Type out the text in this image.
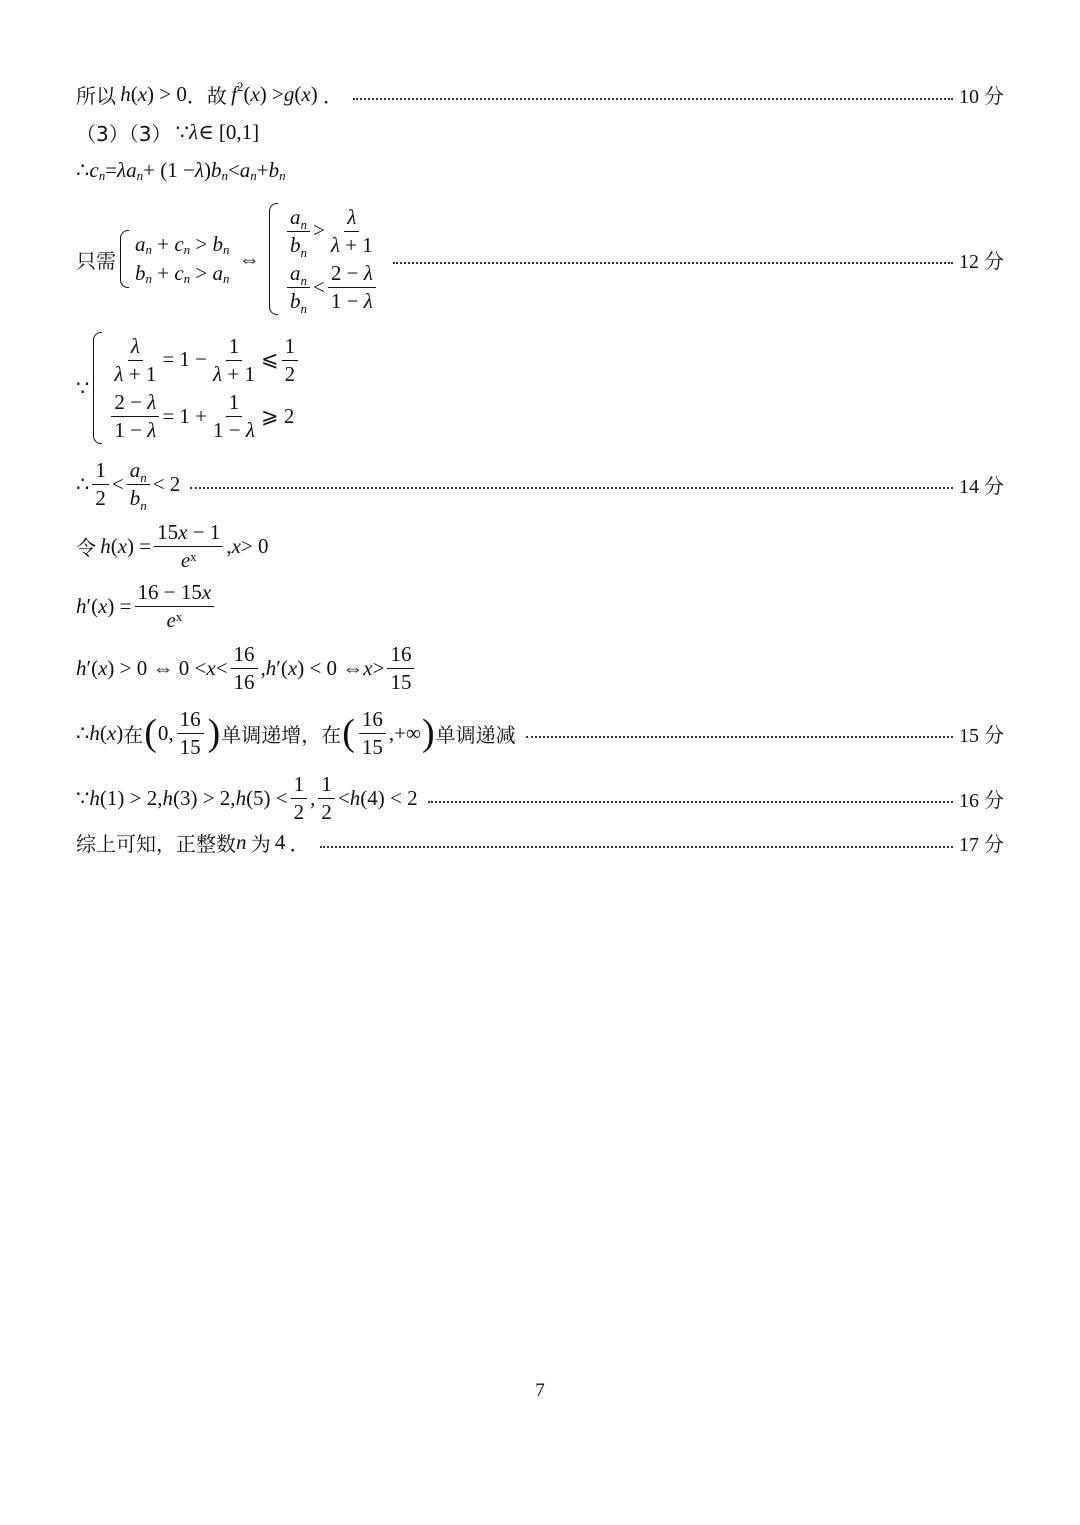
所以
  h ( x ) > 0 ．故
  f 2 ( x ) > g ( x ) ．	10 分
（3）（3）  ∵ λ ∈ [0,1]
∴ c n = λa n + (1 − λ ) b n < a n + b n
只需
a n + c n > b n
b n + c n > a n
⇔
$\frac{a_n}{b_n} > \frac{\lambda}{\lambda + 1}$
$\frac{a_n}{b_n} < \frac{2 - \lambda}{1 - \lambda}$	12 分
∵
$\frac{\lambda}{\lambda + 1} = 1 - \frac{1}{\lambda + 1}$ ⩽ $\frac{1}{2}$
$\frac{2 - \lambda}{1 - \lambda} = 1 + \frac{1}{1 - \lambda}$ ⩾ 2
∴ $\frac{1}{2} < \frac{a_n}{b_n} < 2$	14 分
令
  h ( x ) = $\frac{15x - 1}{e^x}$ , x > 0
h ′( x ) = $\frac{16 - 15x}{e^x}$
h ′( x ) > 0 ⇔ $0 < x < \frac{16}{16}$ , h ′( x ) < 0 ⇔ $x > \frac{16}{15}$
∴ h ( x ) 在 ( 0, $\frac{16}{15}$ ) 单调递增，在 ( $\frac{16}{15}$ ,+∞ ) 单调递减	15 分
∵ h (1) > 2, h (3) > 2, h $(5) < \frac{1}{2}$ , $\frac{1}{2} < h$ (4) < 2	16 分
综上可知，正整数 n
  为  4  ．	17 分
7
